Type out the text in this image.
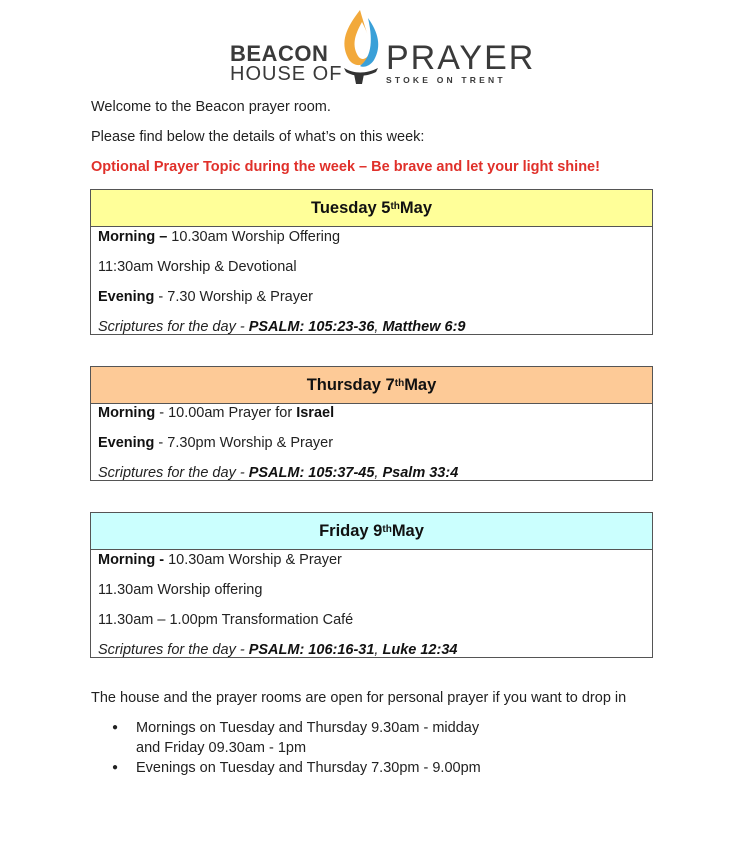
BEACON
HOUSE OF PRAYER
STOKE ON TRENT

Welcome to the Beacon prayer room.

Please find below the details of what’s on this week:

Optional Prayer Topic during the week – Be brave and let your light shine!

Tuesday 5th May
Morning – 10.30am Worship Offering
11:30am Worship & Devotional
Evening - 7.30 Worship & Prayer
Scriptures for the day - PSALM: 105:23-36, Matthew 6:9
Thursday 7th May
Morning - 10.00am Prayer for Israel
Evening - 7.30pm Worship & Prayer
Scriptures for the day - PSALM: 105:37-45, Psalm 33:4
Friday 9th May
Morning - 10.30am Worship & Prayer
11.30am Worship offering
11.30am – 1.00pm Transformation Café
Scriptures for the day - PSALM: 106:16-31, Luke 12:34

The house and the prayer rooms are open for personal prayer if you want to drop in

● Mornings on Tuesday and Thursday 9.30am - midday
and Friday 09.30am - 1pm
● Evenings on Tuesday and Thursday 7.30pm - 9.00pm
